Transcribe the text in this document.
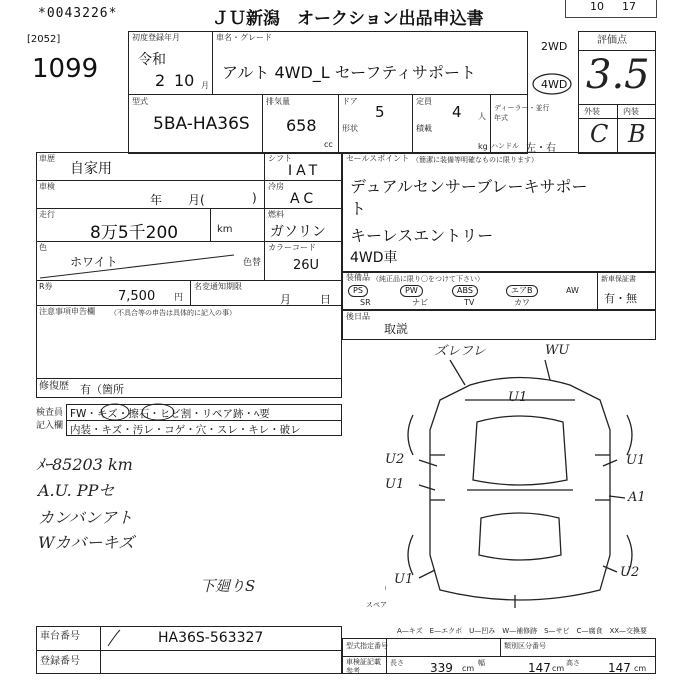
*0043226*	ＪＵ新潟　オークション出品申込書
10 17
[2052]
1099
初度登録年月
令和
2 10 月
車名・グレード
アルト 4WD_L セーフティサポート
型式
5BA-HA36S
排気量
658
cc
ドア
5
形状
定員
4 人
積載
kg
ディーラー・並行
年式
ハンドル 左・右
2WD
4WD
評価点
3.5
外装	内装
C B
車歴
自家用
車検
年 月(	)
走行
8万5千200	km
シフト
IAT
冷房
AC
燃料
ガソリン
色
ホワイト	色替
カラーコード
26U
R券
7,500 円
名変通知期限
月	日
注意事項申告欄 （不具合等の申告は具体的に記入の事）
修復歴 有（箇所
セールスポイント （簡潔に装備等明確なものに限ります）
デュアルセンサーブレーキサポー
ト
キーレスエントリー
4WD車
装備品 （純正品に限り〇をつけて下さい）
PS	PW	ABS	エアB	AW
SR	ナビ	TV	カワ
新車保証書
有・無
後日品
取説
検査員
記入欄
FW・キズ・擦石・ヒビ割・リペア跡・ﾍ要
内装・キズ・汚レ・コゲ・穴・スレ・キレ・破レ
ﾒｰ85203 km
A.U. PPセ
カンバンアト
Wカバーキズ
下廻りS
ズレフレ	WU
U1
U2
U1
U1
A1
U1	U2
スペア
A—キズ　E—エクボ　U—凹み　W—補修跡　S—サビ　C—腐食　XX—交換要
車台番号	HA36S-563327
登録番号
型式指定番号	類別区分番号
車検証記載
参考
長さ 339 cm
幅	147 cm
高さ 147 cm
